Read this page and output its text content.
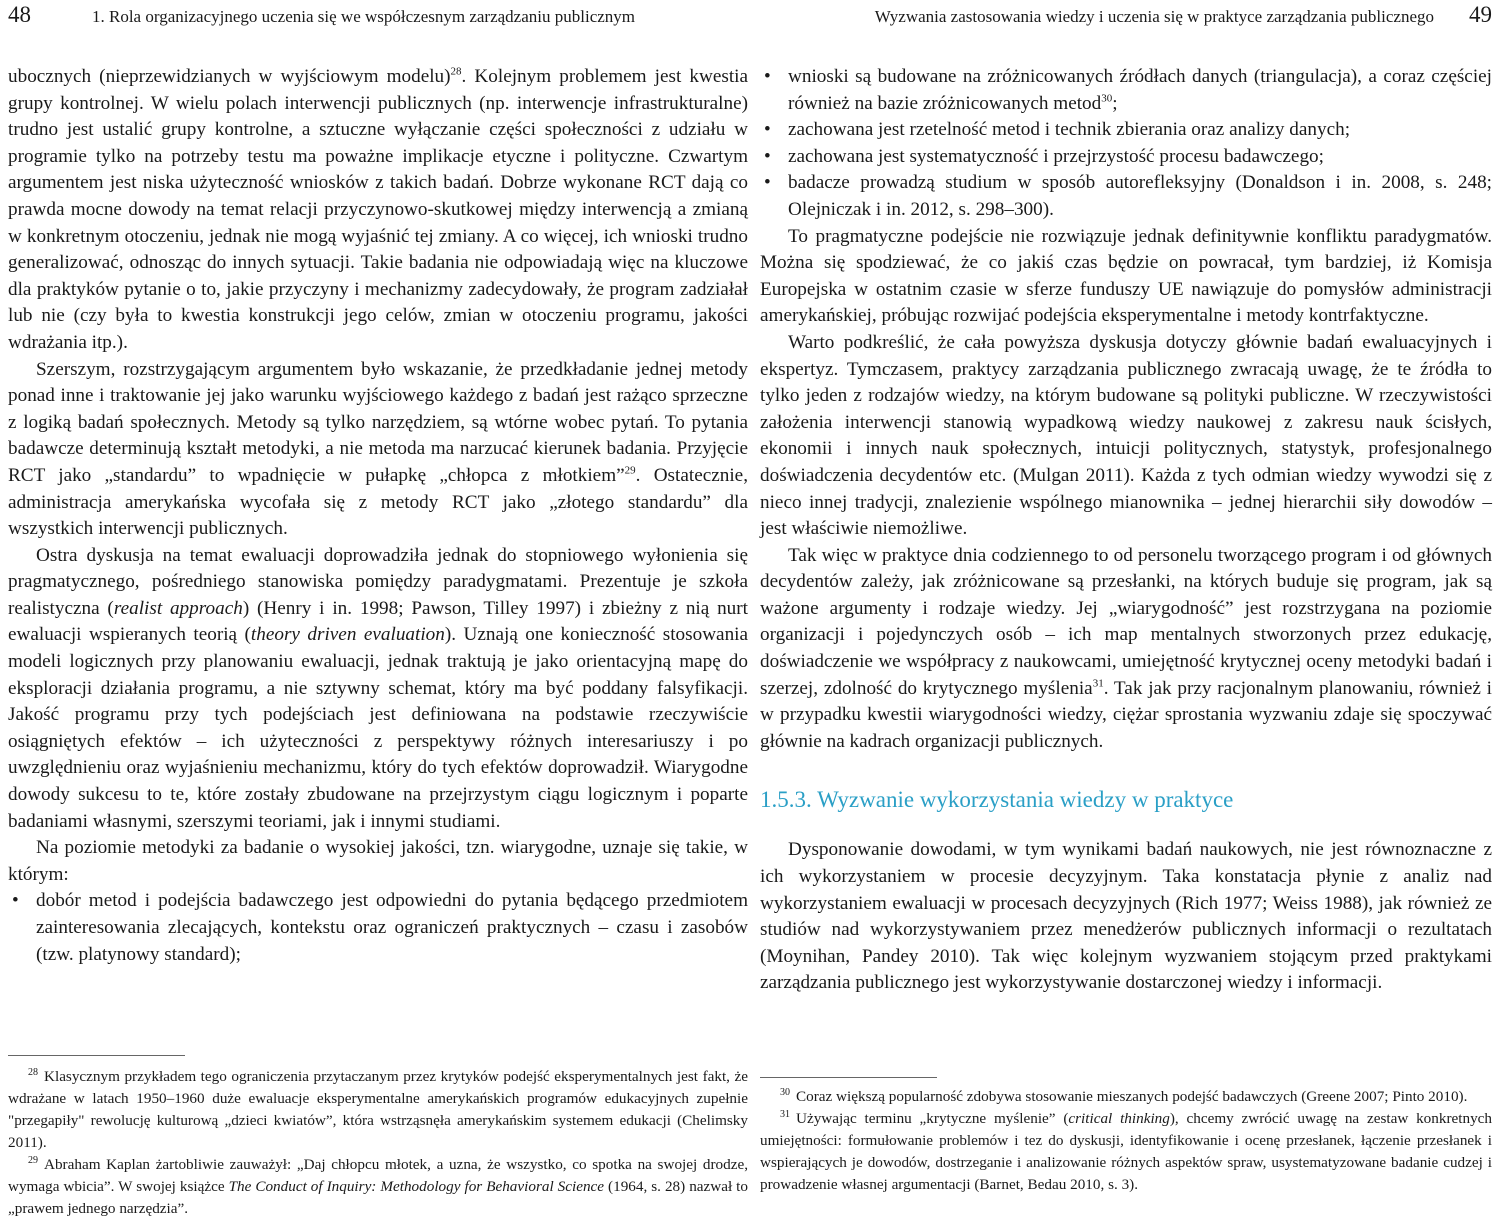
48	1. Rola organizacyjnego uczenia się we współczesnym zarządzaniu publicznym

ubocznych (nieprzewidzianych w wyjściowym modelu)$^{28}$. Kolejnym problemem jest kwestia grupy kontrolnej. W wielu polach interwencji publicznych (np. interwencje infrastrukturalne) trudno jest ustalić grupy kontrolne, a sztuczne wyłączanie części społeczności z udziału w programie tylko na potrzeby testu ma poważne implikacje etyczne i polityczne. Czwartym argumentem jest niska użyteczność wniosków z takich badań. Dobrze wykonane RCT dają co prawda mocne dowody na temat relacji przyczynowo-skutkowej między interwencją a zmianą w konkretnym otoczeniu, jednak nie mogą wyjaśnić tej zmiany. A co więcej, ich wnioski trudno generalizować, odnosząc do innych sytuacji. Takie badania nie odpowiadają więc na kluczowe dla praktyków pytanie o to, jakie przyczyny i mechanizmy zadecydowały, że program zadziałał lub nie (czy była to kwestia konstrukcji jego celów, zmian w otoczeniu programu, jakości wdrażania itp.).

Szerszym, rozstrzygającym argumentem było wskazanie, że przedkładanie jednej metody ponad inne i traktowanie jej jako warunku wyjściowego każdego z badań jest rażąco sprzeczne z logiką badań społecznych. Metody są tylko narzędziem, są wtórne wobec pytań. To pytania badawcze determinują kształt metodyki, a nie metoda ma narzucać kierunek badania. Przyjęcie RCT jako „standardu” to wpadnięcie w pułapkę „chłopca z młotkiem”$^{29}$. Ostatecznie, administracja amerykańska wycofała się z metody RCT jako „złotego standardu” dla wszystkich interwencji publicznych.

Ostra dyskusja na temat ewaluacji doprowadziła jednak do stopniowego wyłonienia się pragmatycznego, pośredniego stanowiska pomiędzy paradygmatami. Prezentuje je szkoła realistyczna (realist approach) (Henry i in. 1998; Pawson, Tilley 1997) i zbieżny z nią nurt ewaluacji wspieranych teorią (theory driven evaluation). Uznają one konieczność stosowania modeli logicznych przy planowaniu ewaluacji, jednak traktują je jako orientacyjną mapę do eksploracji działania programu, a nie sztywny schemat, który ma być poddany falsyfikacji. Jakość programu przy tych podejściach jest definiowana na podstawie rzeczywiście osiągniętych efektów – ich użyteczności z perspektywy różnych interesariuszy i po uwzględnieniu oraz wyjaśnieniu mechanizmu, który do tych efektów doprowadził. Wiarygodne dowody sukcesu to te, które zostały zbudowane na przejrzystym ciągu logicznym i poparte badaniami własnymi, szerszymi teoriami, jak i innymi studiami.

Na poziomie metodyki za badanie o wysokiej jakości, tzn. wiarygodne, uznaje się takie, w którym:

• dobór metod i podejścia badawczego jest odpowiedni do pytania będącego przedmiotem zainteresowania zlecających, kontekstu oraz ograniczeń praktycznych – czasu i zasobów (tzw. platynowy standard);

$^{28}$ Klasycznym przykładem tego ograniczenia przytaczanym przez krytyków podejść eksperymentalnych jest fakt, że wdrażane w latach 1950–1960 duże ewaluacje eksperymentalne amerykańskich programów edukacyjnych zupełnie "przegapiły" rewolucję kulturową „dzieci kwiatów”, która wstrząsnęła amerykańskim systemem edukacji (Chelimsky 2011).

$^{29}$ Abraham Kaplan żartobliwie zauważył: „Daj chłopcu młotek, a uzna, że wszystko, co spotka na swojej drodze, wymaga wbicia”. W swojej książce The Conduct of Inquiry: Methodology for Behavioral Science (1964, s. 28) nazwał to „prawem jednego narzędzia”.

Wyzwania zastosowania wiedzy i uczenia się w praktyce zarządzania publicznego 49
• wnioski są budowane na zróżnicowanych źródłach danych (triangulacja), a coraz częściej również na bazie zróżnicowanych metod$^{30}$;
• zachowana jest rzetelność metod i technik zbierania oraz analizy danych;
• zachowana jest systematyczność i przejrzystość procesu badawczego;
• badacze prowadzą studium w sposób autorefleksyjny (Donaldson i in. 2008, s. 248; Olejniczak i in. 2012, s. 298–300).

To pragmatyczne podejście nie rozwiązuje jednak definitywnie konfliktu paradygmatów. Można się spodziewać, że co jakiś czas będzie on powracał, tym bardziej, iż Komisja Europejska w ostatnim czasie w sferze funduszy UE nawiązuje do pomysłów administracji amerykańskiej, próbując rozwijać podejścia eksperymentalne i metody kontrfaktyczne.

Warto podkreślić, że cała powyższa dyskusja dotyczy głównie badań ewaluacyjnych i ekspertyz. Tymczasem, praktycy zarządzania publicznego zwracają uwagę, że te źródła to tylko jeden z rodzajów wiedzy, na którym budowane są polityki publiczne. W rzeczywistości założenia interwencji stanowią wypadkową wiedzy naukowej z zakresu nauk ścisłych, ekonomii i innych nauk społecznych, intuicji politycznych, statystyk, profesjonalnego doświadczenia decydentów etc. (Mulgan 2011). Każda z tych odmian wiedzy wywodzi się z nieco innej tradycji, znalezienie wspólnego mianownika – jednej hierarchii siły dowodów – jest właściwie niemożliwe.

Tak więc w praktyce dnia codziennego to od personelu tworzącego program i od głównych decydentów zależy, jak zróżnicowane są przesłanki, na których buduje się program, jak są ważone argumenty i rodzaje wiedzy. Jej „wiarygodność” jest rozstrzygana na poziomie organizacji i pojedynczych osób – ich map mentalnych stworzonych przez edukację, doświadczenie we współpracy z naukowcami, umiejętność krytycznej oceny metodyki badań i szerzej, zdolność do krytycznego myślenia$^{31}$. Tak jak przy racjonalnym planowaniu, również i w przypadku kwestii wiarygodności wiedzy, ciężar sprostania wyzwaniu zdaje się spoczywać głównie na kadrach organizacji publicznych.

1.5.3. Wyzwanie wykorzystania wiedzy w praktyce

Dysponowanie dowodami, w tym wynikami badań naukowych, nie jest równoznaczne z ich wykorzystaniem w procesie decyzyjnym. Taka konstatacja płynie z analiz nad wykorzystaniem ewaluacji w procesach decyzyjnych (Rich 1977; Weiss 1988), jak również ze studiów nad wykorzystywaniem przez menedżerów publicznych informacji o rezultatach (Moynihan, Pandey 2010). Tak więc kolejnym wyzwaniem stojącym przed praktykami zarządzania publicznego jest wykorzystywanie dostarczonej wiedzy i informacji.

$^{30}$ Coraz większą popularność zdobywa stosowanie mieszanych podejść badawczych (Greene 2007; Pinto 2010).

$^{31}$ Używając terminu „krytyczne myślenie” (critical thinking), chcemy zwrócić uwagę na zestaw konkretnych umiejętności: formułowanie problemów i tez do dyskusji, identyfikowanie i ocenę przesłanek, łączenie przesłanek i wspierających je dowodów, dostrzeganie i analizowanie różnych aspektów spraw, usystematyzowane badanie cudzej i prowadzenie własnej argumentacji (Barnet, Bedau 2010, s. 3).
